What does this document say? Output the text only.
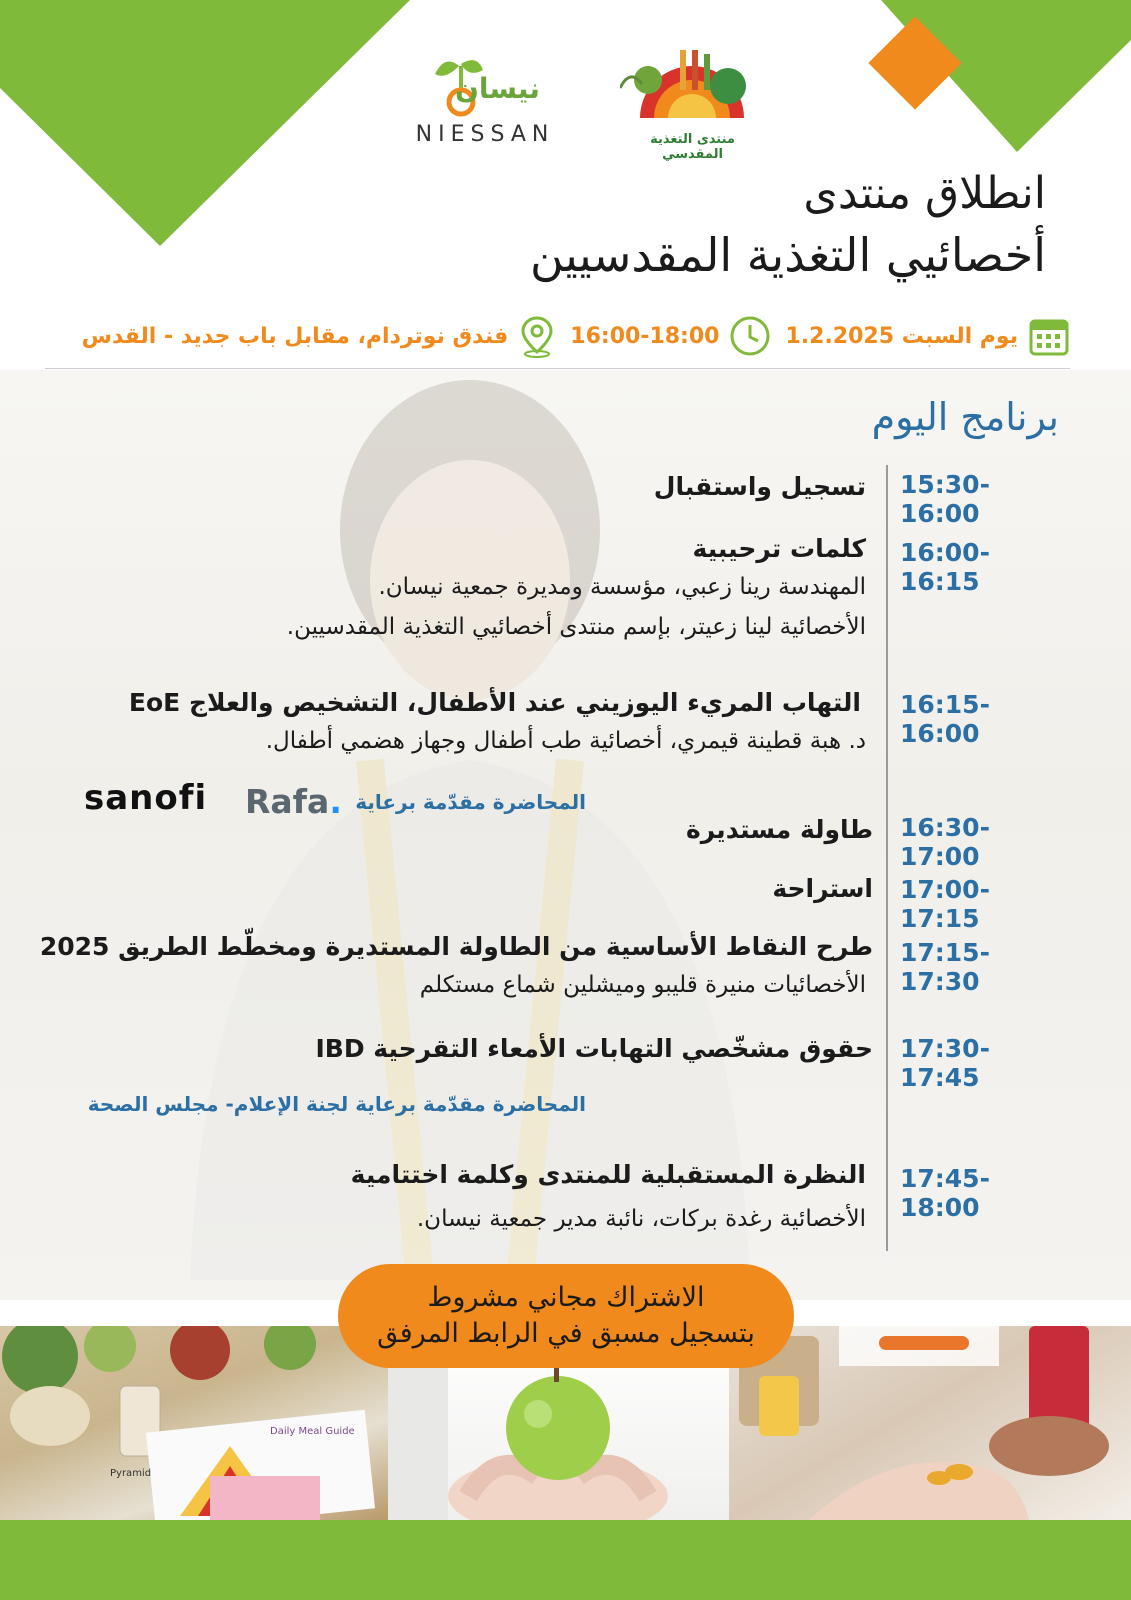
نيسان
NIESSAN	منتدى التغذية المقدسي
انطلاق منتدى
أخصائيي التغذية المقدسيين
يوم السبت 1.2.2025
16:00-18:00
فندق نوتردام، مقابل باب جديد - القدس
برنامج اليوم
15:30-16:00
تسجيل واستقبال
16:00- 16:15
كلمات ترحيبية
المهندسة رينا زعبي، مؤسسة ومديرة جمعية نيسان.
الأخصائية لينا زعيتر، بإسم منتدى أخصائيي التغذية المقدسيين.
16:15- 16:00
التهاب المريء اليوزيني عند الأطفال، التشخيص والعلاج EoE
د. هبة قطينة قيمري، أخصائية طب أطفال وجهاز هضمي أطفال.
المحاضرة مقدّمة برعاية
sanofi Rafa.
16:30-17:00
طاولة مستديرة
17:00-17:15
استراحة
17:15-17:30
طرح النقاط الأساسية من الطاولة المستديرة ومخطّط الطريق 2025
الأخصائيات منيرة قليبو وميشلين شماع مستكلم
17:30-17:45
حقوق مشخّصي التهابات الأمعاء التقرحية IBD
المحاضرة مقدّمة برعاية لجنة الإعلام- مجلس الصحة
17:45-18:00
النظرة المستقبلية للمنتدى وكلمة اختتامية
الأخصائية رغدة بركات، نائبة مدير جمعية نيسان.
Daily Meal Guide
Pyramid
الاشتراك مجاني مشروط
بتسجيل مسبق في الرابط المرفق
